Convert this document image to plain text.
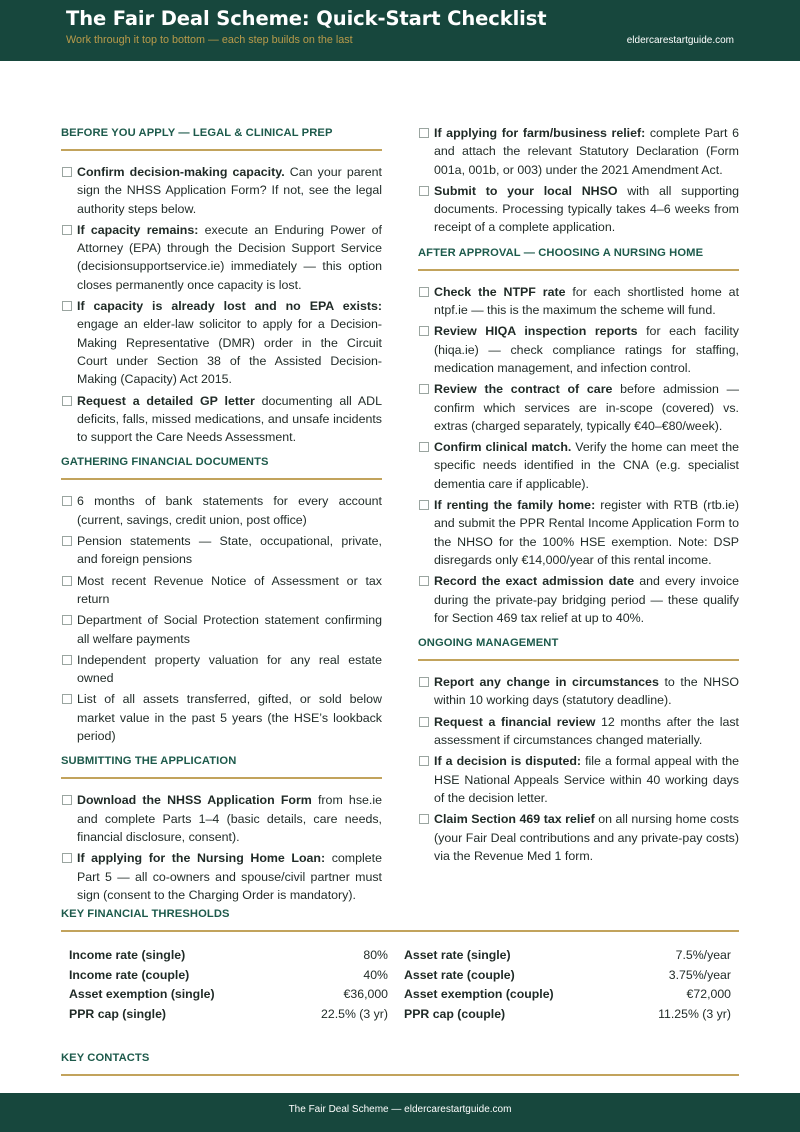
The Fair Deal Scheme: Quick-Start Checklist
Work through it top to bottom — each step builds on the last	eldercarestartguide.com
BEFORE YOU APPLY — LEGAL & CLINICAL PREP
Confirm decision-making capacity. Can your parent sign the NHSS Application Form? If not, see the legal authority steps below.
If capacity remains: execute an Enduring Power of Attorney (EPA) through the Decision Support Service (decisionsupportservice.ie) immediately — this option closes permanently once capacity is lost.
If capacity is already lost and no EPA exists: engage an elder-law solicitor to apply for a Decision-Making Representative (DMR) order in the Circuit Court under Section 38 of the Assisted Decision-Making (Capacity) Act 2015.
Request a detailed GP letter documenting all ADL deficits, falls, missed medications, and unsafe incidents to support the Care Needs Assessment.
GATHERING FINANCIAL DOCUMENTS
6 months of bank statements for every account (current, savings, credit union, post office)
Pension statements — State, occupational, private, and foreign pensions
Most recent Revenue Notice of Assessment or tax return
Department of Social Protection statement confirming all welfare payments
Independent property valuation for any real estate owned
List of all assets transferred, gifted, or sold below market value in the past 5 years (the HSE’s lookback period)
SUBMITTING THE APPLICATION
Download the NHSS Application Form from hse.ie and complete Parts 1–4 (basic details, care needs, financial disclosure, consent).
If applying for the Nursing Home Loan: complete Part 5 — all co-owners and spouse/civil partner must sign (consent to the Charging Order is mandatory).
If applying for farm/business relief: complete Part 6 and attach the relevant Statutory Declaration (Form 001a, 001b, or 003) under the 2021 Amendment Act.
Submit to your local NHSO with all supporting documents. Processing typically takes 4–6 weeks from receipt of a complete application.
AFTER APPROVAL — CHOOSING A NURSING HOME
Check the NTPF rate for each shortlisted home at ntpf.ie — this is the maximum the scheme will fund.
Review HIQA inspection reports for each facility (hiqa.ie) — check compliance ratings for staffing, medication management, and infection control.
Review the contract of care before admission — confirm which services are in-scope (covered) vs. extras (charged separately, typically €40–€80/week).
Confirm clinical match. Verify the home can meet the specific needs identified in the CNA (e.g. specialist dementia care if applicable).
If renting the family home: register with RTB (rtb.ie) and submit the PPR Rental Income Application Form to the NHSO for the 100% HSE exemption. Note: DSP disregards only €14,000/year of this rental income.
Record the exact admission date and every invoice during the private-pay bridging period — these qualify for Section 469 tax relief at up to 40%.
ONGOING MANAGEMENT
Report any change in circumstances to the NHSO within 10 working days (statutory deadline).
Request a financial review 12 months after the last assessment if circumstances changed materially.
If a decision is disputed: file a formal appeal with the HSE National Appeals Service within 40 working days of the decision letter.
Claim Section 469 tax relief on all nursing home costs (your Fair Deal contributions and any private-pay costs) via the Revenue Med 1 form.
KEY FINANCIAL THRESHOLDS
Income rate (single)	80% Asset rate (single)	7.5%/year
Income rate (couple)	40% Asset rate (couple)	3.75%/year
Asset exemption (single)	€36,000 Asset exemption (couple)	€72,000
PPR cap (single)	22.5% (3 yr) PPR cap (couple)	11.25% (3 yr)
KEY CONTACTS
The Fair Deal Scheme — eldercarestartguide.com
